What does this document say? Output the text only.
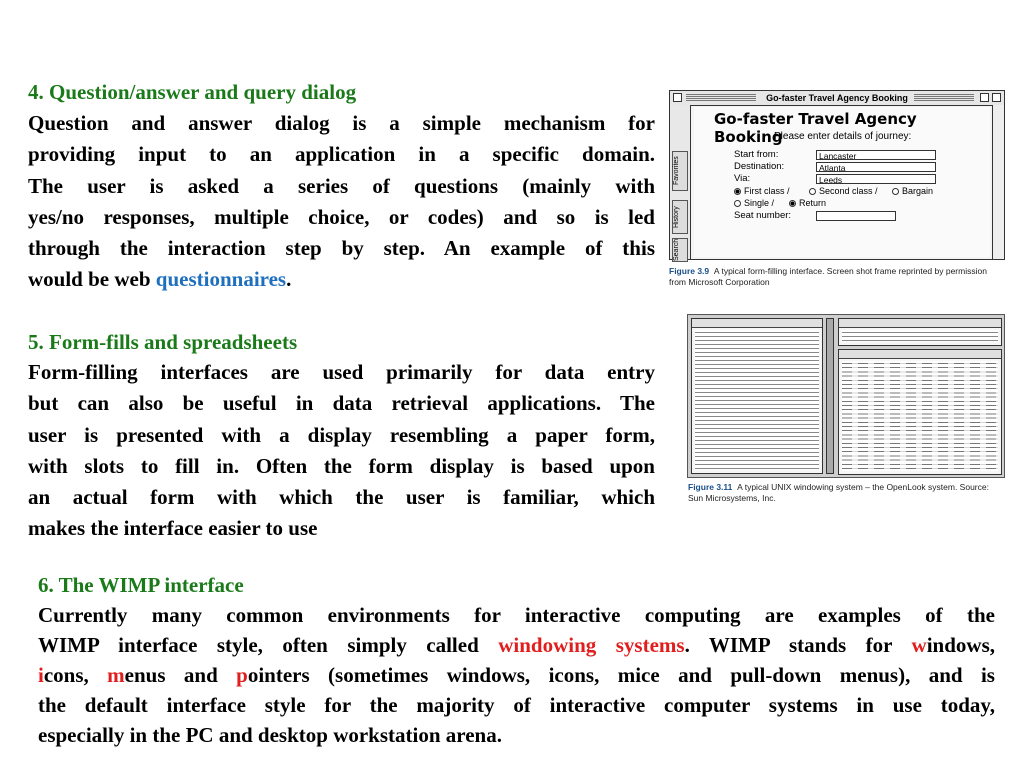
4. Question/answer and query dialog
Question and answer dialog is a simple mechanism for
providing input to an application in a specific domain.
The user is asked a series of questions (mainly with
yes/no responses, multiple choice, or codes) and so is led
through the interaction step by step. An example of this
would be web questionnaires.
5. Form-fills and spreadsheets
Form-filling interfaces are used primarily for data entry
but can also be useful in data retrieval applications. The
user is presented with a display resembling a paper form,
with slots to fill in. Often the form display is based upon
an actual form with which the user is familiar, which
makes the interface easier to use
6. The WIMP interface
Currently many common environments for interactive computing are examples of the
WIMP interface style, often simply called windowing systems. WIMP stands for windows,
icons, menus and pointers (sometimes windows, icons, mice and pull-down menus), and is
the default interface style for the majority of interactive computer systems in use today,
especially in the PC and desktop workstation arena.
Go-faster Travel Agency Booking
Favorites
History
Search
Go-faster Travel Agency Booking
Please enter details of journey:
Start from:	Lancaster
Destination:	Atlanta
Via:	Leeds
First class /	Second class /	Bargain
Single /	Return
Seat number:
Figure 3.9 A typical form-filling interface. Screen shot frame reprinted by permission from Microsoft Corporation
Figure 3.11 A typical UNIX windowing system – the OpenLook system. Source: Sun Microsystems, Inc.
